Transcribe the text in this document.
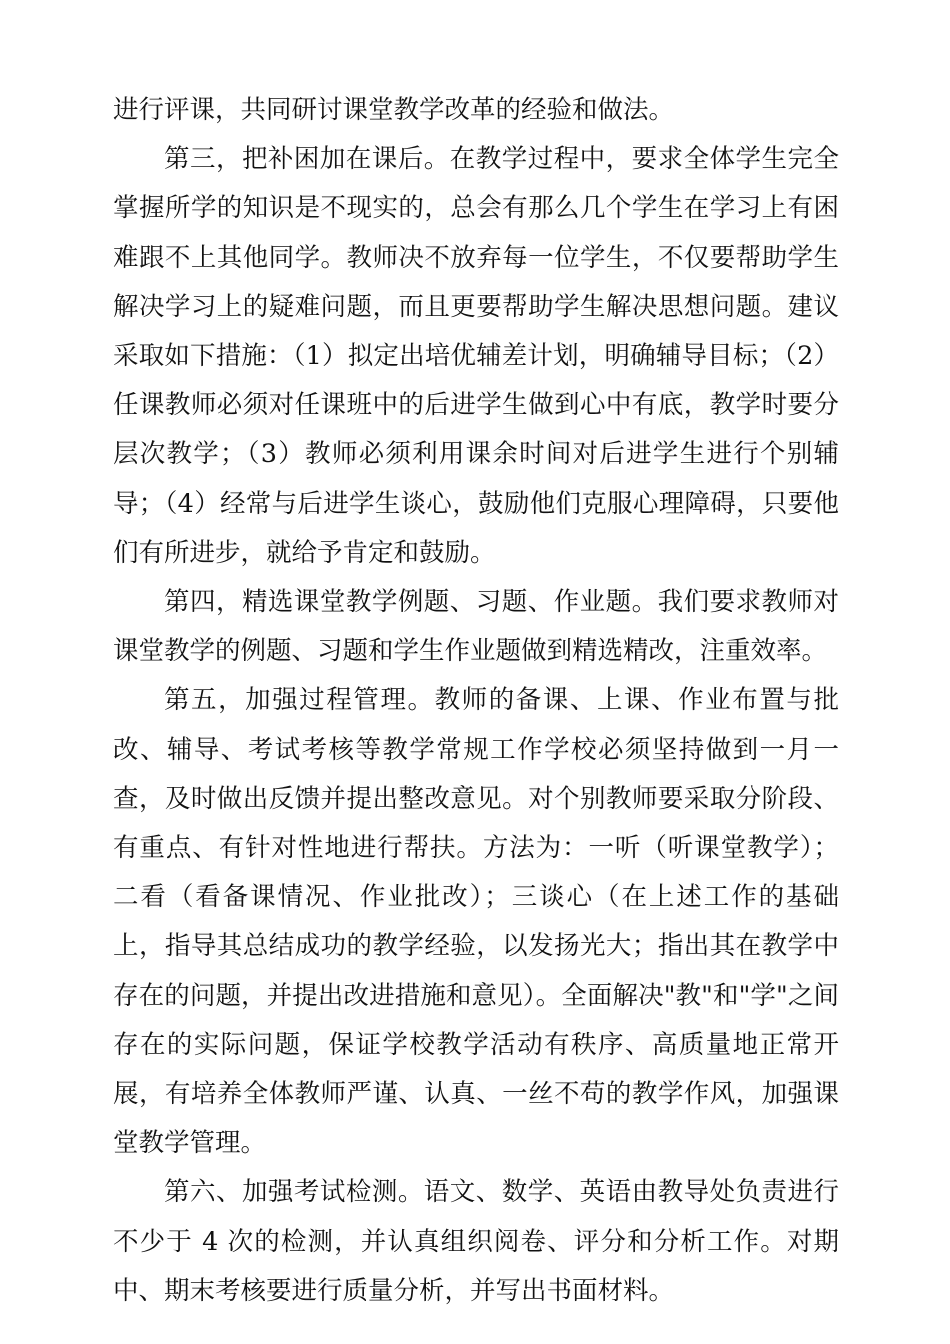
进行评课，共同研讨课堂教学改革的经验和做法。

第三，把补困加在课后。在教学过程中，要求全体学生完全掌握所学的知识是不现实的，总会有那么几个学生在学习上有困难跟不上其他同学。教师决不放弃每一位学生，不仅要帮助学生解决学习上的疑难问题，而且更要帮助学生解决思想问题。建议采取如下措施：（1）拟定出培优辅差计划，明确辅导目标；（2）任课教师必须对任课班中的后进学生做到心中有底，教学时要分层次教学；（3）教师必须利用课余时间对后进学生进行个别辅导；（4）经常与后进学生谈心，鼓励他们克服心理障碍，只要他们有所进步，就给予肯定和鼓励。

第四，精选课堂教学例题、习题、作业题。我们要求教师对课堂教学的例题、习题和学生作业题做到精选精改，注重效率。

第五，加强过程管理。教师的备课、上课、作业布置与批改、辅导、考试考核等教学常规工作学校必须坚持做到一月一查，及时做出反馈并提出整改意见。对个别教师要采取分阶段、有重点、有针对性地进行帮扶。方法为：一听（听课堂教学）；二看（看备课情况、作业批改）；三谈心（在上述工作的基础上，指导其总结成功的教学经验，以发扬光大；指出其在教学中存在的问题，并提出改进措施和意见）。全面解决"教"和"学"之间存在的实际问题，保证学校教学活动有秩序、高质量地正常开展，有培养全体教师严谨、认真、一丝不苟的教学作风，加强课堂教学管理。

第六、加强考试检测。语文、数学、英语由教导处负责进行不少于 4 次的检测，并认真组织阅卷、评分和分析工作。对期中、期末考核要进行质量分析，并写出书面材料。
